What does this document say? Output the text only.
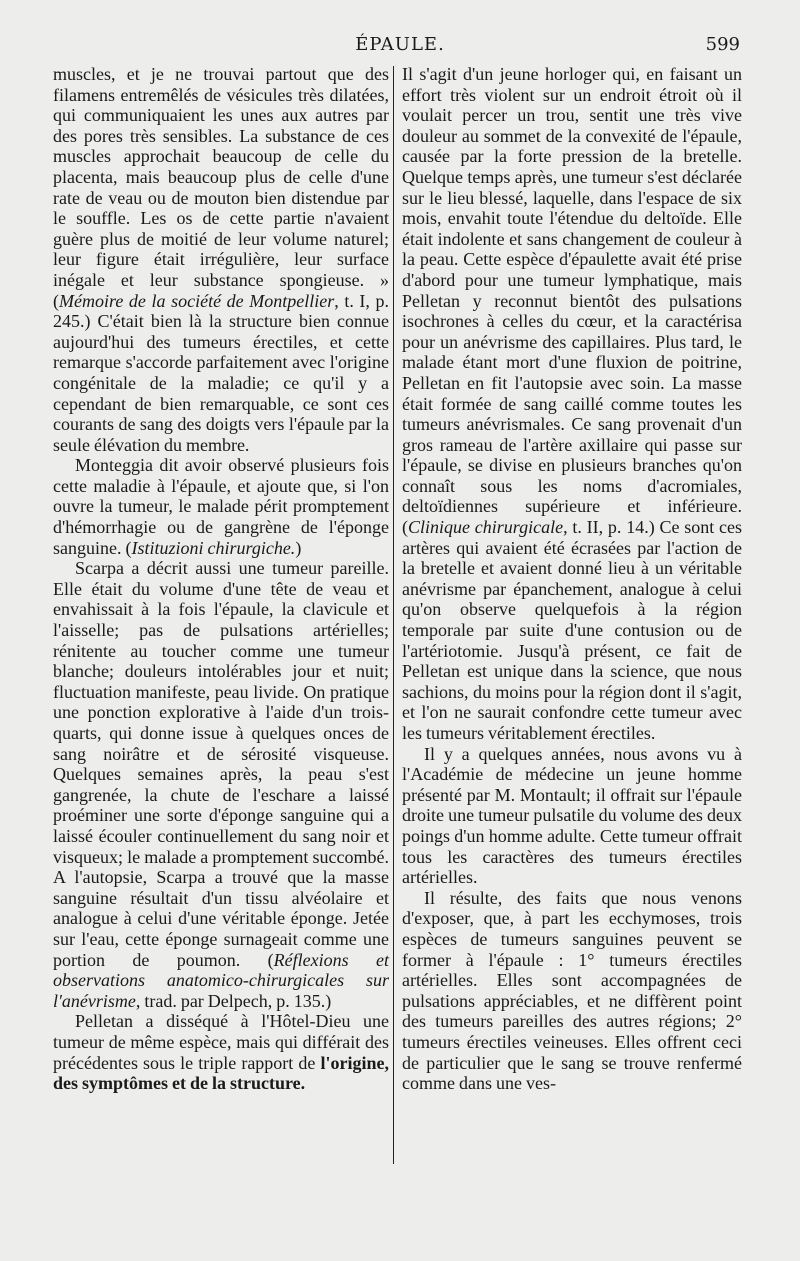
ÉPAULE.	599

muscles, et je ne trouvai partout que des filamens entremêlés de vésicules très dilatées, qui communiquaient les unes aux autres par des pores très sensibles. La substance de ces muscles approchait beaucoup de celle du placenta, mais beaucoup plus de celle d'une rate de veau ou de mouton bien distendue par le souffle. Les os de cette partie n'avaient guère plus de moitié de leur volume naturel; leur figure était irrégulière, leur surface inégale et leur substance spongieuse. » (Mémoire de la société de Montpellier, t. I, p. 245.) C'était bien là la structure bien connue aujourd'hui des tumeurs érectiles, et cette remarque s'accorde parfaitement avec l'origine congénitale de la maladie; ce qu'il y a cependant de bien remarquable, ce sont ces courants de sang des doigts vers l'épaule par la seule élévation du membre.

Monteggia dit avoir observé plusieurs fois cette maladie à l'épaule, et ajoute que, si l'on ouvre la tumeur, le malade périt promptement d'hémorrhagie ou de gangrène de l'éponge sanguine. (Istituzioni chirurgiche.)

Scarpa a décrit aussi une tumeur pareille. Elle était du volume d'une tête de veau et envahissait à la fois l'épaule, la clavicule et l'aisselle; pas de pulsations artérielles; rénitente au toucher comme une tumeur blanche; douleurs intolérables jour et nuit; fluctuation manifeste, peau livide. On pratique une ponction explorative à l'aide d'un trois-quarts, qui donne issue à quelques onces de sang noirâtre et de sérosité visqueuse. Quelques semaines après, la peau s'est gangrenée, la chute de l'eschare a laissé proéminer une sorte d'éponge sanguine qui a laissé écouler continuellement du sang noir et visqueux; le malade a promptement succombé. A l'autopsie, Scarpa a trouvé que la masse sanguine résultait d'un tissu alvéolaire et analogue à celui d'une véritable éponge. Jetée sur l'eau, cette éponge surnageait comme une portion de poumon. (Réflexions et observations anatomico-chirurgicales sur l'anévrisme, trad. par Delpech, p. 135.)

Pelletan a disséqué à l'Hôtel-Dieu une tumeur de même espèce, mais qui différait des précédentes sous le triple rapport de l'origine, des symptômes et de la structure.

Il s'agit d'un jeune horloger qui, en faisant un effort très violent sur un endroit étroit où il voulait percer un trou, sentit une très vive douleur au sommet de la convexité de l'épaule, causée par la forte pression de la bretelle. Quelque temps après, une tumeur s'est déclarée sur le lieu blessé, laquelle, dans l'espace de six mois, envahit toute l'étendue du deltoïde. Elle était indolente et sans changement de couleur à la peau. Cette espèce d'épaulette avait été prise d'abord pour une tumeur lymphatique, mais Pelletan y reconnut bientôt des pulsations isochrones à celles du cœur, et la caractérisa pour un anévrisme des capillaires. Plus tard, le malade étant mort d'une fluxion de poitrine, Pelletan en fit l'autopsie avec soin. La masse était formée de sang caillé comme toutes les tumeurs anévrismales. Ce sang provenait d'un gros rameau de l'artère axillaire qui passe sur l'épaule, se divise en plusieurs branches qu'on connaît sous les noms d'acromiales, deltoïdiennes supérieure et inférieure. (Clinique chirurgicale, t. II, p. 14.) Ce sont ces artères qui avaient été écrasées par l'action de la bretelle et avaient donné lieu à un véritable anévrisme par épanchement, analogue à celui qu'on observe quelquefois à la région temporale par suite d'une contusion ou de l'artériotomie. Jusqu'à présent, ce fait de Pelletan est unique dans la science, que nous sachions, du moins pour la région dont il s'agit, et l'on ne saurait confondre cette tumeur avec les tumeurs véritablement érectiles.

Il y a quelques années, nous avons vu à l'Académie de médecine un jeune homme présenté par M. Montault; il offrait sur l'épaule droite une tumeur pulsatile du volume des deux poings d'un homme adulte. Cette tumeur offrait tous les caractères des tumeurs érectiles artérielles.

Il résulte, des faits que nous venons d'exposer, que, à part les ecchymoses, trois espèces de tumeurs sanguines peuvent se former à l'épaule : 1° tumeurs érectiles artérielles. Elles sont accompagnées de pulsations appréciables, et ne diffèrent point des tumeurs pareilles des autres régions; 2° tumeurs érectiles veineuses. Elles offrent ceci de particulier que le sang se trouve renfermé comme dans une ves-
